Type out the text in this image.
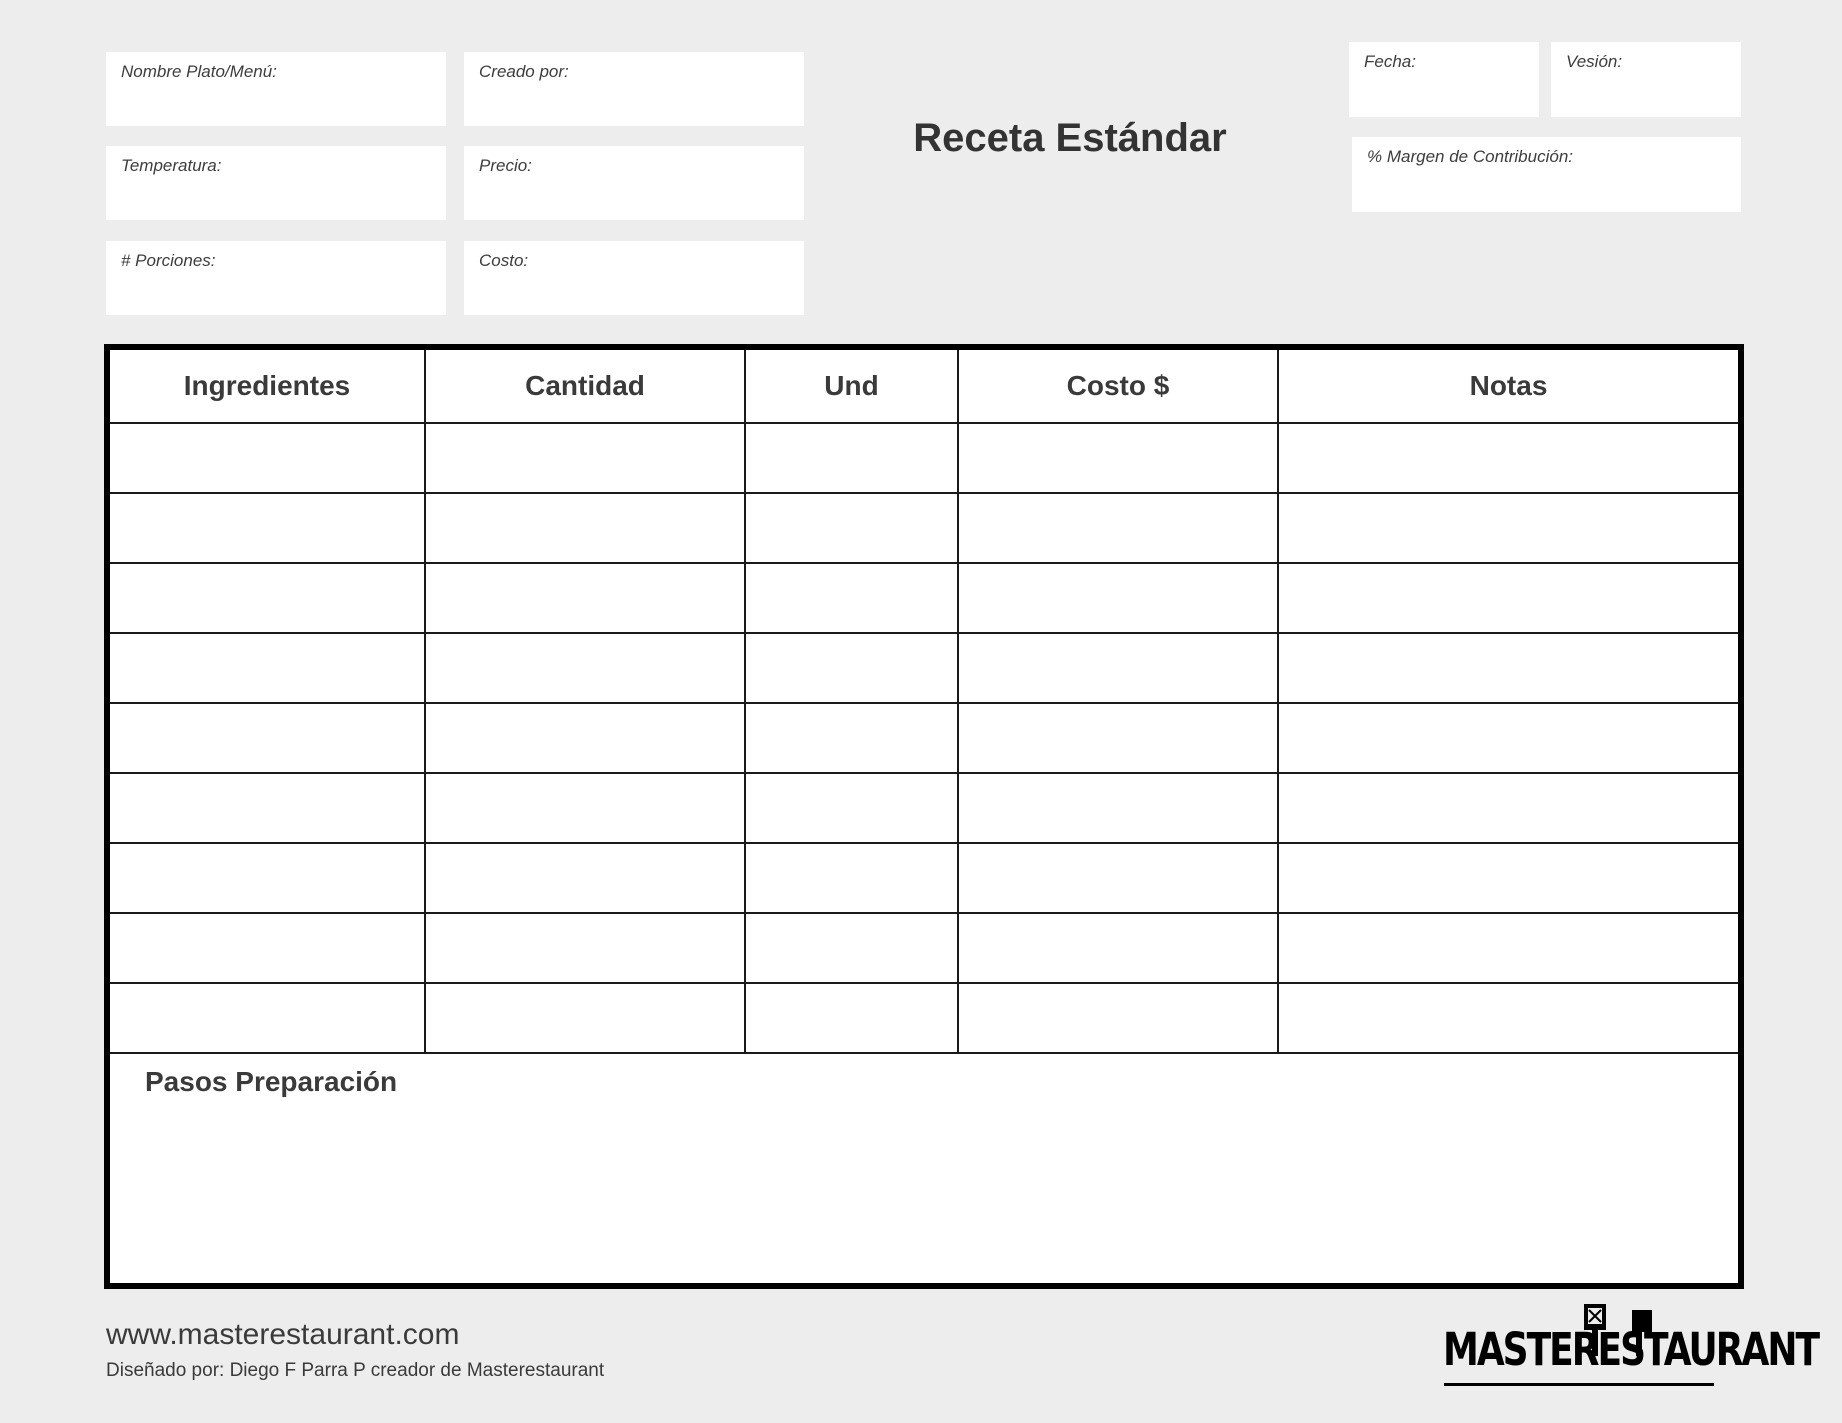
Nombre Plato/Menú:	Creado por:
Temperatura:	Precio:
# Porciones:	Costo:
Receta Estándar
Fecha:	Vesión:
% Margen de Contribución:
Ingredientes	Cantidad	Und	Costo $	Notas

Pasos Preparación
www.masterestaurant.com
Diseñado por: Diego F Parra P creador de Masterestaurant	MASTERESTAURANT
